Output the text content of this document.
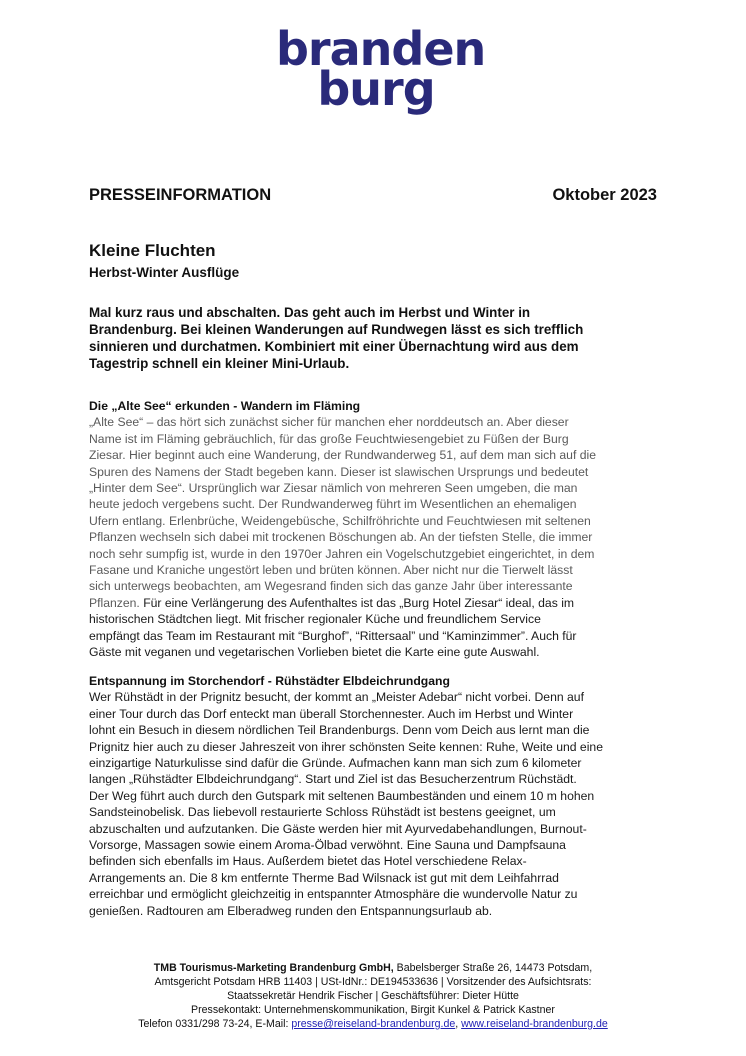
branden
burg
PRESSEINFORMATION	Oktober 2023
Kleine Fluchten
Herbst-Winter Ausflüge
Mal kurz raus und abschalten. Das geht auch im Herbst und Winter in
Brandenburg. Bei kleinen Wanderungen auf Rundwegen lässt es sich trefflich
sinnieren und durchatmen. Kombiniert mit einer Übernachtung wird aus dem
Tagestrip schnell ein kleiner Mini-Urlaub.
Die „Alte See“ erkunden - Wandern im Fläming
„Alte See“ – das hört sich zunächst sicher für manchen eher norddeutsch an. Aber dieser
Name ist im Fläming gebräuchlich, für das große Feuchtwiesengebiet zu Füßen der Burg
Ziesar. Hier beginnt auch eine Wanderung, der Rundwanderweg 51, auf dem man sich auf die
Spuren des Namens der Stadt begeben kann. Dieser ist slawischen Ursprungs und bedeutet
„Hinter dem See“. Ursprünglich war Ziesar nämlich von mehreren Seen umgeben, die man
heute jedoch vergebens sucht. Der Rundwanderweg führt im Wesentlichen an ehemaligen
Ufern entlang. Erlenbrüche, Weidengebüsche, Schilfröhrichte und Feuchtwiesen mit seltenen
Pflanzen wechseln sich dabei mit trockenen Böschungen ab. An der tiefsten Stelle, die immer
noch sehr sumpfig ist, wurde in den 1970er Jahren ein Vogelschutzgebiet eingerichtet, in dem
Fasane und Kraniche ungestört leben und brüten können. Aber nicht nur die Tierwelt lässt
sich unterwegs beobachten, am Wegesrand finden sich das ganze Jahr über interessante
Pflanzen. Für eine Verlängerung des Aufenthaltes ist das „Burg Hotel Ziesar“ ideal, das im
historischen Städtchen liegt. Mit frischer regionaler Küche und freundlichem Service
empfängt das Team im Restaurant mit “Burghof”, “Rittersaal” und “Kaminzimmer”. Auch für
Gäste mit veganen und vegetarischen Vorlieben bietet die Karte eine gute Auswahl.
Entspannung im Storchendorf - Rühstädter Elbdeichrundgang
Wer Rühstädt in der Prignitz besucht, der kommt an „Meister Adebar“ nicht vorbei. Denn auf
einer Tour durch das Dorf enteckt man überall Storchennester. Auch im Herbst und Winter
lohnt ein Besuch in diesem nördlichen Teil Brandenburgs. Denn vom Deich aus lernt man die
Prignitz hier auch zu dieser Jahreszeit von ihrer schönsten Seite kennen: Ruhe, Weite und eine
einzigartige Naturkulisse sind dafür die Gründe. Aufmachen kann man sich zum 6 kilometer
langen „Rühstädter Elbdeichrundgang“. Start und Ziel ist das Besucherzentrum Rüchstädt.
Der Weg führt auch durch den Gutspark mit seltenen Baumbeständen und einem 10 m hohen
Sandsteinobelisk. Das liebevoll restaurierte Schloss Rühstädt ist bestens geeignet, um
abzuschalten und aufzutanken. Die Gäste werden hier mit Ayurvedabehandlungen, Burnout-
Vorsorge, Massagen sowie einem Aroma-Ölbad verwöhnt. Eine Sauna und Dampfsauna
befinden sich ebenfalls im Haus. Außerdem bietet das Hotel verschiedene Relax-
Arrangements an. Die 8 km entfernte Therme Bad Wilsnack ist gut mit dem Leihfahrrad
erreichbar und ermöglicht gleichzeitig in entspannter Atmosphäre die wundervolle Natur zu
genießen. Radtouren am Elberadweg runden den Entspannungsurlaub ab.
TMB Tourismus-Marketing Brandenburg GmbH, Babelsberger Straße 26, 14473 Potsdam,
Amtsgericht Potsdam HRB 11403 | USt-IdNr.: DE194533636 | Vorsitzender des Aufsichtsrats:
Staatssekretär Hendrik Fischer | Geschäftsführer: Dieter Hütte
Pressekontakt: Unternehmenskommunikation, Birgit Kunkel & Patrick Kastner
Telefon 0331/298 73-24, E-Mail: presse@reiseland-brandenburg.de, www.reiseland-brandenburg.de
